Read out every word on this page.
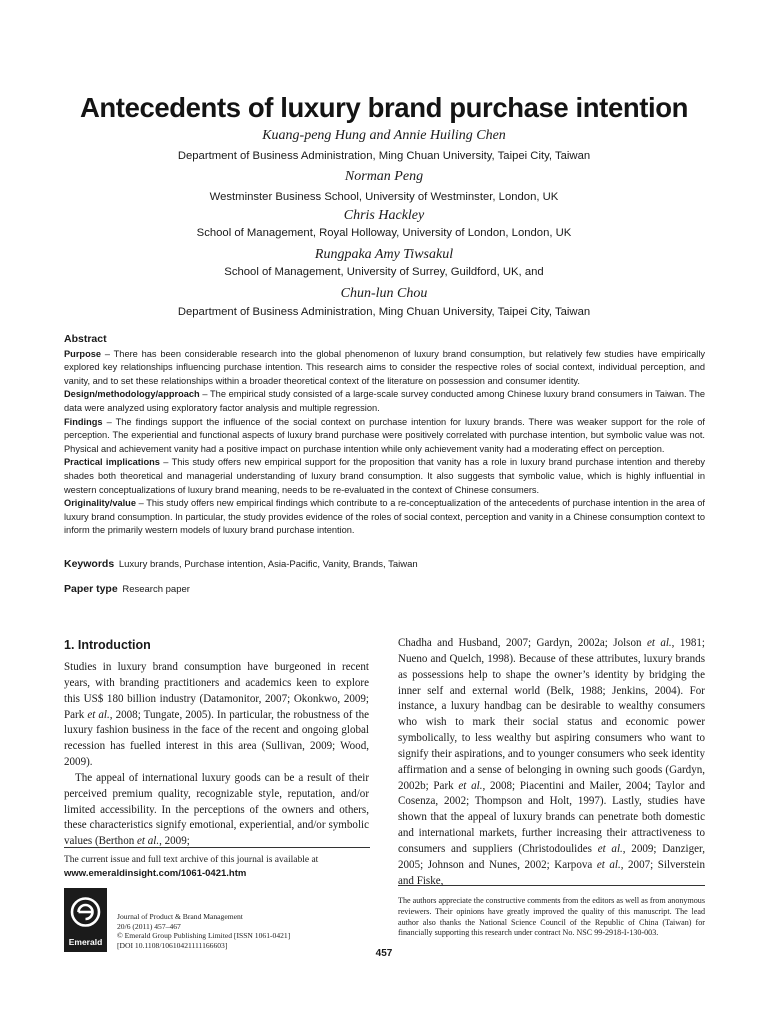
Antecedents of luxury brand purchase intention
Kuang-peng Hung and Annie Huiling Chen
Department of Business Administration, Ming Chuan University, Taipei City, Taiwan
Norman Peng
Westminster Business School, University of Westminster, London, UK
Chris Hackley
School of Management, Royal Holloway, University of London, London, UK
Rungpaka Amy Tiwsakul
School of Management, University of Surrey, Guildford, UK, and
Chun-lun Chou
Department of Business Administration, Ming Chuan University, Taipei City, Taiwan
Abstract

Purpose – There has been considerable research into the global phenomenon of luxury brand consumption, but relatively few studies have empirically explored key relationships influencing purchase intention. This research aims to consider the respective roles of social context, individual perception, and vanity, and to set these relationships within a broader theoretical context of the literature on possession and consumer identity.

Design/methodology/approach – The empirical study consisted of a large-scale survey conducted among Chinese luxury brand consumers in Taiwan. The data were analyzed using exploratory factor analysis and multiple regression.

Findings – The findings support the influence of the social context on purchase intention for luxury brands. There was weaker support for the role of perception. The experiential and functional aspects of luxury brand purchase were positively correlated with purchase intention, but symbolic value was not. Physical and achievement vanity had a positive impact on purchase intention while only achievement vanity had a moderating effect on perception.

Practical implications – This study offers new empirical support for the proposition that vanity has a role in luxury brand purchase intention and thereby shades both theoretical and managerial understanding of luxury brand consumption. It also suggests that symbolic value, which is highly influential in western conceptualizations of luxury brand meaning, needs to be re-evaluated in the context of Chinese consumers.

Originality/value – This study offers new empirical findings which contribute to a re-conceptualization of the antecedents of purchase intention in the area of luxury brand consumption. In particular, the study provides evidence of the roles of social context, perception and vanity in a Chinese consumption context to inform the primarily western models of luxury brand purchase intention.

Keywords Luxury brands, Purchase intention, Asia-Pacific, Vanity, Brands, Taiwan
Paper type Research paper
1. Introduction

Studies in luxury brand consumption have burgeoned in recent years, with branding practitioners and academics keen to explore this US$ 180 billion industry (Datamonitor, 2007; Okonkwo, 2009; Park et al., 2008; Tungate, 2005). In particular, the robustness of the luxury fashion business in the face of the recent and ongoing global recession has fuelled interest in this area (Sullivan, 2009; Wood, 2009).

The appeal of international luxury goods can be a result of their perceived premium quality, recognizable style, reputation, and/or limited accessibility. In the perceptions of the owners and others, these characteristics signify emotional, experiential, and/or symbolic values (Berthon et al., 2009;

Chadha and Husband, 2007; Gardyn, 2002a; Jolson et al., 1981; Nueno and Quelch, 1998). Because of these attributes, luxury brands as possessions help to shape the owner’s identity by bridging the inner self and external world (Belk, 1988; Jenkins, 2004). For instance, a luxury handbag can be desirable to wealthy consumers who wish to mark their social status and economic power symbolically, to less wealthy but aspiring consumers who want to signify their aspirations, and to younger consumers who seek identity affirmation and a sense of belonging in owning such goods (Gardyn, 2002b; Park et al., 2008; Piacentini and Mailer, 2004; Taylor and Cosenza, 2002; Thompson and Holt, 1997). Lastly, studies have shown that the appeal of luxury brands can penetrate both domestic and international markets, further increasing their attractiveness to consumers and suppliers (Christodoulides et al., 2009; Danziger, 2005; Johnson and Nunes, 2002; Karpova et al., 2007; Silverstein and Fiske,

The current issue and full text archive of this journal is available at
www.emeraldinsight.com/1061-0421.htm
Emerald
Journal of Product & Brand Management
20/6 (2011) 457–467
© Emerald Group Publishing Limited [ISSN 1061-0421]
[DOI 10.1108/10610421111166603]
The authors appreciate the constructive comments from the editors as well as from anonymous reviewers. Their opinions have greatly improved the quality of this manuscript. The lead author also thanks the National Science Council of the Republic of China (Taiwan) for financially supporting this research under contract No. NSC 99-2918-I-130-003.
457
